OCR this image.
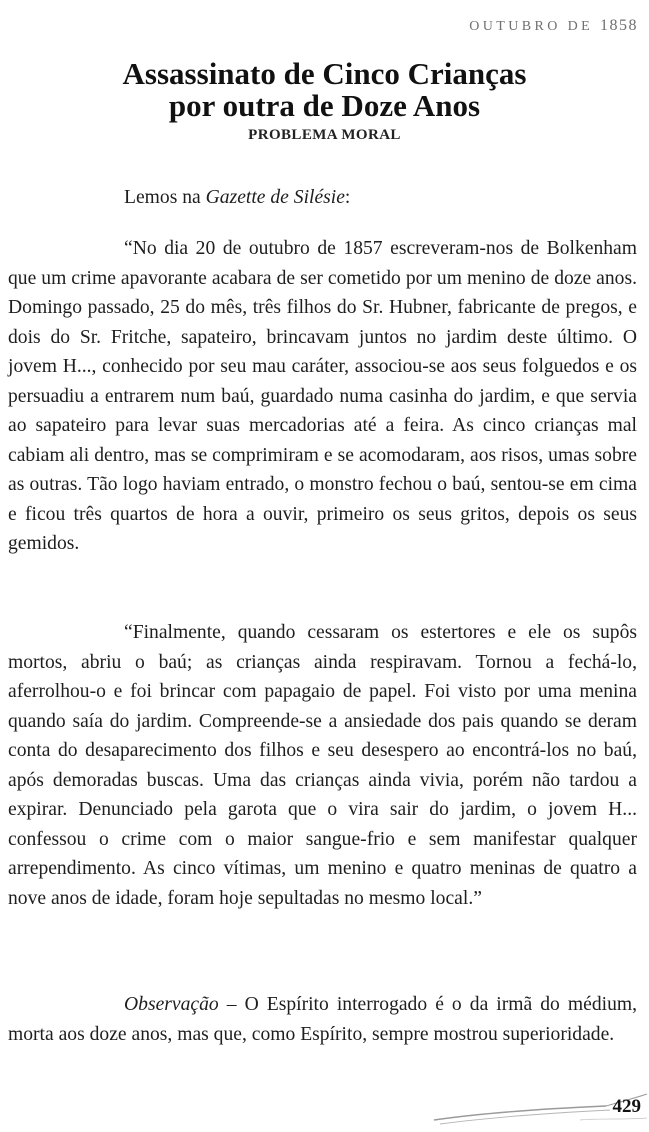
OUTUBRO DE 1858
Assassinato de Cinco Crianças
por outra de Doze Anos
PROBLEMA MORAL

Lemos na Gazette de Silésie:

“No dia 20 de outubro de 1857 escreveram-nos de Bolkenham que um crime apavorante acabara de ser cometido por um menino de doze anos. Domingo passado, 25 do mês, três filhos do Sr. Hubner, fabricante de pregos, e dois do Sr. Fritche, sapateiro, brincavam juntos no jardim deste último. O jovem H..., conhecido por seu mau caráter, associou-se aos seus folguedos e os persuadiu a entrarem num baú, guardado numa casinha do jardim, e que servia ao sapateiro para levar suas mercadorias até a feira. As cinco crianças mal cabiam ali dentro, mas se comprimiram e se acomodaram, aos risos, umas sobre as outras. Tão logo haviam entrado, o monstro fechou o baú, sentou-se em cima e ficou três quartos de hora a ouvir, primeiro os seus gritos, depois os seus gemidos.

“Finalmente, quando cessaram os estertores e ele os supôs mortos, abriu o baú; as crianças ainda respiravam. Tornou a fechá-lo, aferrolhou-o e foi brincar com papagaio de papel. Foi visto por uma menina quando saía do jardim. Compreende-se a ansiedade dos pais quando se deram conta do desaparecimento dos filhos e seu desespero ao encontrá-los no baú, após demoradas buscas. Uma das crianças ainda vivia, porém não tardou a expirar. Denunciado pela garota que o vira sair do jardim, o jovem H... confessou o crime com o maior sangue-frio e sem manifestar qualquer arrependimento. As cinco vítimas, um menino e quatro meninas de quatro a nove anos de idade, foram hoje sepultadas no mesmo local.”

Observação – O Espírito interrogado é o da irmã do médium, morta aos doze anos, mas que, como Espírito, sempre mostrou superioridade.

429
